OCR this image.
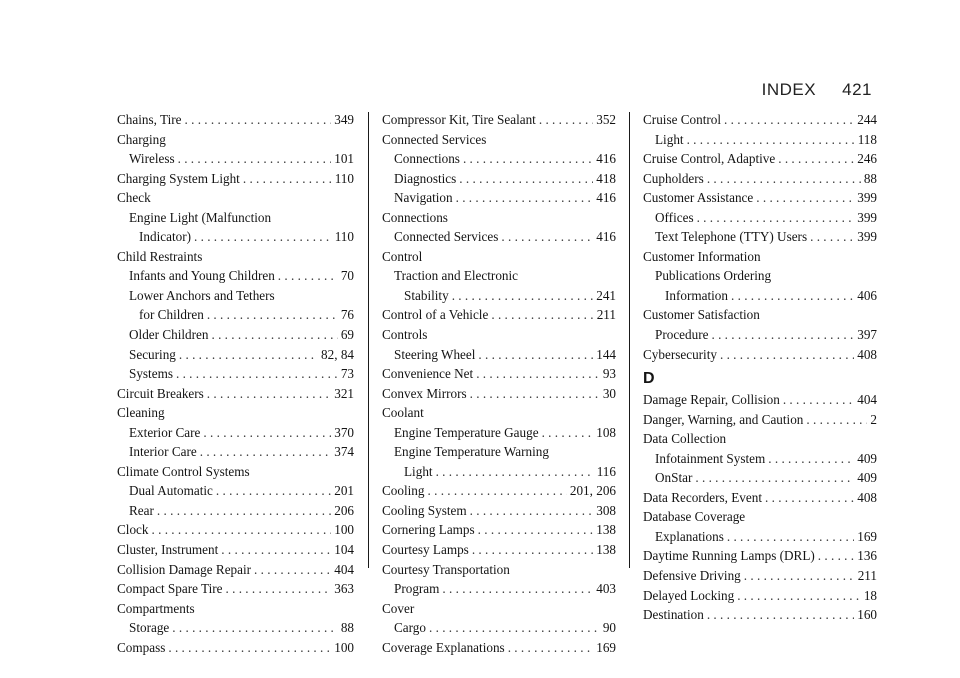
INDEX 421
Chains, Tire . . .	349
Charging
Wireless . . .	101
Charging System Light . . .	110
Check
Engine Light (Malfunction
Indicator) . . .	110
Child Restraints
Infants and Young Children . . .	70
Lower Anchors and Tethers
for Children . . .	76
Older Children . . .	69
Securing . . .	82, 84
Systems . . .	73
Circuit Breakers . . .	321
Cleaning
Exterior Care . . .	370
Interior Care . . .	374
Climate Control Systems
Dual Automatic . . .	201
Rear . . .	206
Clock . . .	100
Cluster, Instrument . . .	104
Collision Damage Repair . . .	404
Compact Spare Tire . . .	363
Compartments
Storage . . .	88
Compass . . .	100
Compressor Kit, Tire Sealant . . .	352
Connected Services
Connections . . .	416
Diagnostics . . .	418
Navigation . . .	416
Connections
Connected Services . . .	416
Control
Traction and Electronic
Stability . . .	241
Control of a Vehicle . . .	211
Controls
Steering Wheel . . .	144
Convenience Net . . .	93
Convex Mirrors . . .	30
Coolant
Engine Temperature Gauge . . .	108
Engine Temperature Warning
Light . . .	116
Cooling . . .	201, 206
Cooling System . . .	308
Cornering Lamps . . .	138
Courtesy Lamps . . .	138
Courtesy Transportation
Program . . .	403
Cover
Cargo . . .	90
Coverage Explanations . . .	169
Cruise Control . . .	244
Light . . .	118
Cruise Control, Adaptive . . .	246
Cupholders . . .	88
Customer Assistance . . .	399
Offices . . .	399
Text Telephone (TTY) Users . . .	399
Customer Information
Publications Ordering
Information . . .	406
Customer Satisfaction
Procedure . . .	397
Cybersecurity . . .	408
D
Damage Repair, Collision . . .	404
Danger, Warning, and Caution . . .	2
Data Collection
Infotainment System . . .	409
OnStar . . .	409
Data Recorders, Event . . .	408
Database Coverage
Explanations . . .	169
Daytime Running Lamps (DRL) . . .	136
Defensive Driving . . .	211
Delayed Locking . . .	18
Destination . . .	160
